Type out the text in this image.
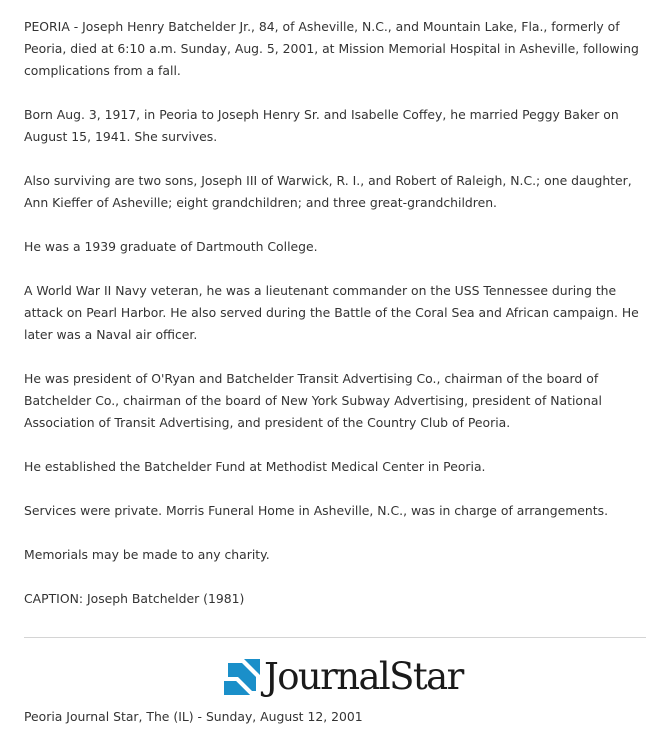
PEORIA - Joseph Henry Batchelder Jr., 84, of Asheville, N.C., and Mountain Lake, Fla., formerly of Peoria, died at 6:10 a.m. Sunday, Aug. 5, 2001, at Mission Memorial Hospital in Asheville, following complications from a fall.

Born Aug. 3, 1917, in Peoria to Joseph Henry Sr. and Isabelle Coffey, he married Peggy Baker on August 15, 1941. She survives.

Also surviving are two sons, Joseph III of Warwick, R. I., and Robert of Raleigh, N.C.; one daughter, Ann Kieffer of Asheville; eight grandchildren; and three great-grandchildren.

He was a 1939 graduate of Dartmouth College.

A World War II Navy veteran, he was a lieutenant commander on the USS Tennessee during the attack on Pearl Harbor. He also served during the Battle of the Coral Sea and African campaign. He later was a Naval air officer.

He was president of O'Ryan and Batchelder Transit Advertising Co., chairman of the board of Batchelder Co., chairman of the board of New York Subway Advertising, president of National Association of Transit Advertising, and president of the Country Club of Peoria.

He established the Batchelder Fund at Methodist Medical Center in Peoria.

Services were private. Morris Funeral Home in Asheville, N.C., was in charge of arrangements.

Memorials may be made to any charity.

CAPTION: Joseph Batchelder (1981)

JournalStar
Peoria Journal Star, The (IL) - Sunday, August 12, 2001
